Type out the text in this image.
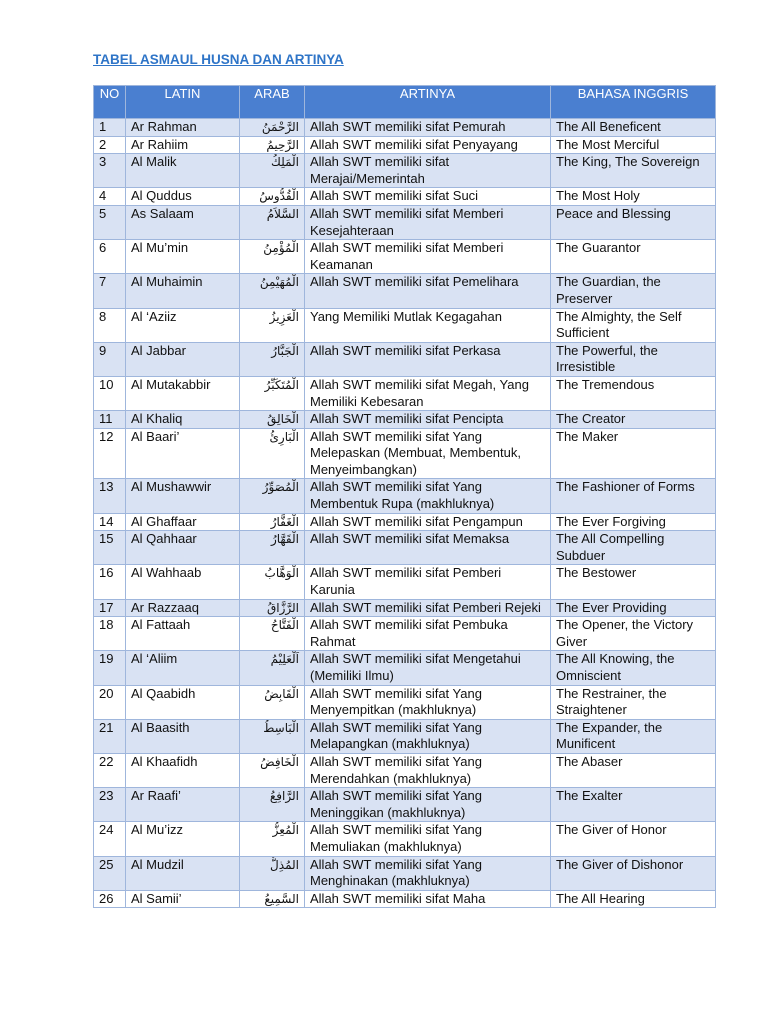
TABEL ASMAUL HUSNA DAN ARTINYA
NO	LATIN	ARAB	ARTINYA	BAHASA INGGRIS
1	Ar Rahman	الرَّحْمَنُ	Allah SWT memiliki sifat Pemurah	The All Beneficent
2	Ar Rahiim	الرَّحِيمُ	Allah SWT memiliki sifat Penyayang	The Most Merciful
3	Al Malik	الْمَلِكُ	Allah SWT memiliki sifat Merajai/Memerintah	The King, The Sovereign
4	Al Quddus	الْقُدُّوسُ	Allah SWT memiliki sifat Suci	The Most Holy
5	As Salaam	السَّلاَمُ	Allah SWT memiliki sifat Memberi Kesejahteraan	Peace and Blessing
6	Al Mu’min	الْمُؤْمِنُ	Allah SWT memiliki sifat Memberi Keamanan	The Guarantor
7	Al Muhaimin	الْمُهَيْمِنُ	Allah SWT memiliki sifat Pemelihara	The Guardian, the Preserver
8	Al ‘Aziiz	الْعَزِيزُ	Yang Memiliki Mutlak Kegagahan	The Almighty, the Self Sufficient
9	Al Jabbar	الْجَبَّارُ	Allah SWT memiliki sifat Perkasa	The Powerful, the Irresistible
10	Al Mutakabbir	الْمُتَكَبِّرُ	Allah SWT memiliki sifat Megah, Yang Memiliki Kebesaran	The Tremendous
11	Al Khaliq	الْخَالِقُ	Allah SWT memiliki sifat Pencipta	The Creator
12	Al Baari’	الْبَارِئُ	Allah SWT memiliki sifat Yang Melepaskan (Membuat, Membentuk, Menyeimbangkan)	The Maker
13	Al Mushawwir	الْمُصَوِّرُ	Allah SWT memiliki sifat Yang Membentuk Rupa (makhluknya)	The Fashioner of Forms
14	Al Ghaffaar	الْغَفَّارُ	Allah SWT memiliki sifat Pengampun	The Ever Forgiving
15	Al Qahhaar	الْقَهَّارُ	Allah SWT memiliki sifat Memaksa	The All Compelling Subduer
16	Al Wahhaab	الْوَهَّابُ	Allah SWT memiliki sifat Pemberi Karunia	The Bestower
17	Ar Razzaaq	الرَّزَّاقُ	Allah SWT memiliki sifat Pemberi Rejeki	The Ever Providing
18	Al Fattaah	الْفَتَّاحُ	Allah SWT memiliki sifat Pembuka Rahmat	The Opener, the Victory Giver
19	Al ‘Aliim	اَلْعَلِيْمُ	Allah SWT memiliki sifat Mengetahui (Memiliki Ilmu)	The All Knowing, the Omniscient
20	Al Qaabidh	الْقَابِضُ	Allah SWT memiliki sifat Yang Menyempitkan (makhluknya)	The Restrainer, the Straightener
21	Al Baasith	الْبَاسِطُ	Allah SWT memiliki sifat Yang Melapangkan (makhluknya)	The Expander, the Munificent
22	Al Khaafidh	الْخَافِضُ	Allah SWT memiliki sifat Yang Merendahkan (makhluknya)	The Abaser
23	Ar Raafi’	الرَّافِعُ	Allah SWT memiliki sifat Yang Meninggikan (makhluknya)	The Exalter
24	Al Mu’izz	الْمُعِزُّ	Allah SWT memiliki sifat Yang Memuliakan (makhluknya)	The Giver of Honor
25	Al Mudzil	المُذِلُّ	Allah SWT memiliki sifat Yang Menghinakan (makhluknya)	The Giver of Dishonor
26	Al Samii’	السَّمِيعُ	Allah SWT memiliki sifat Maha	The All Hearing
